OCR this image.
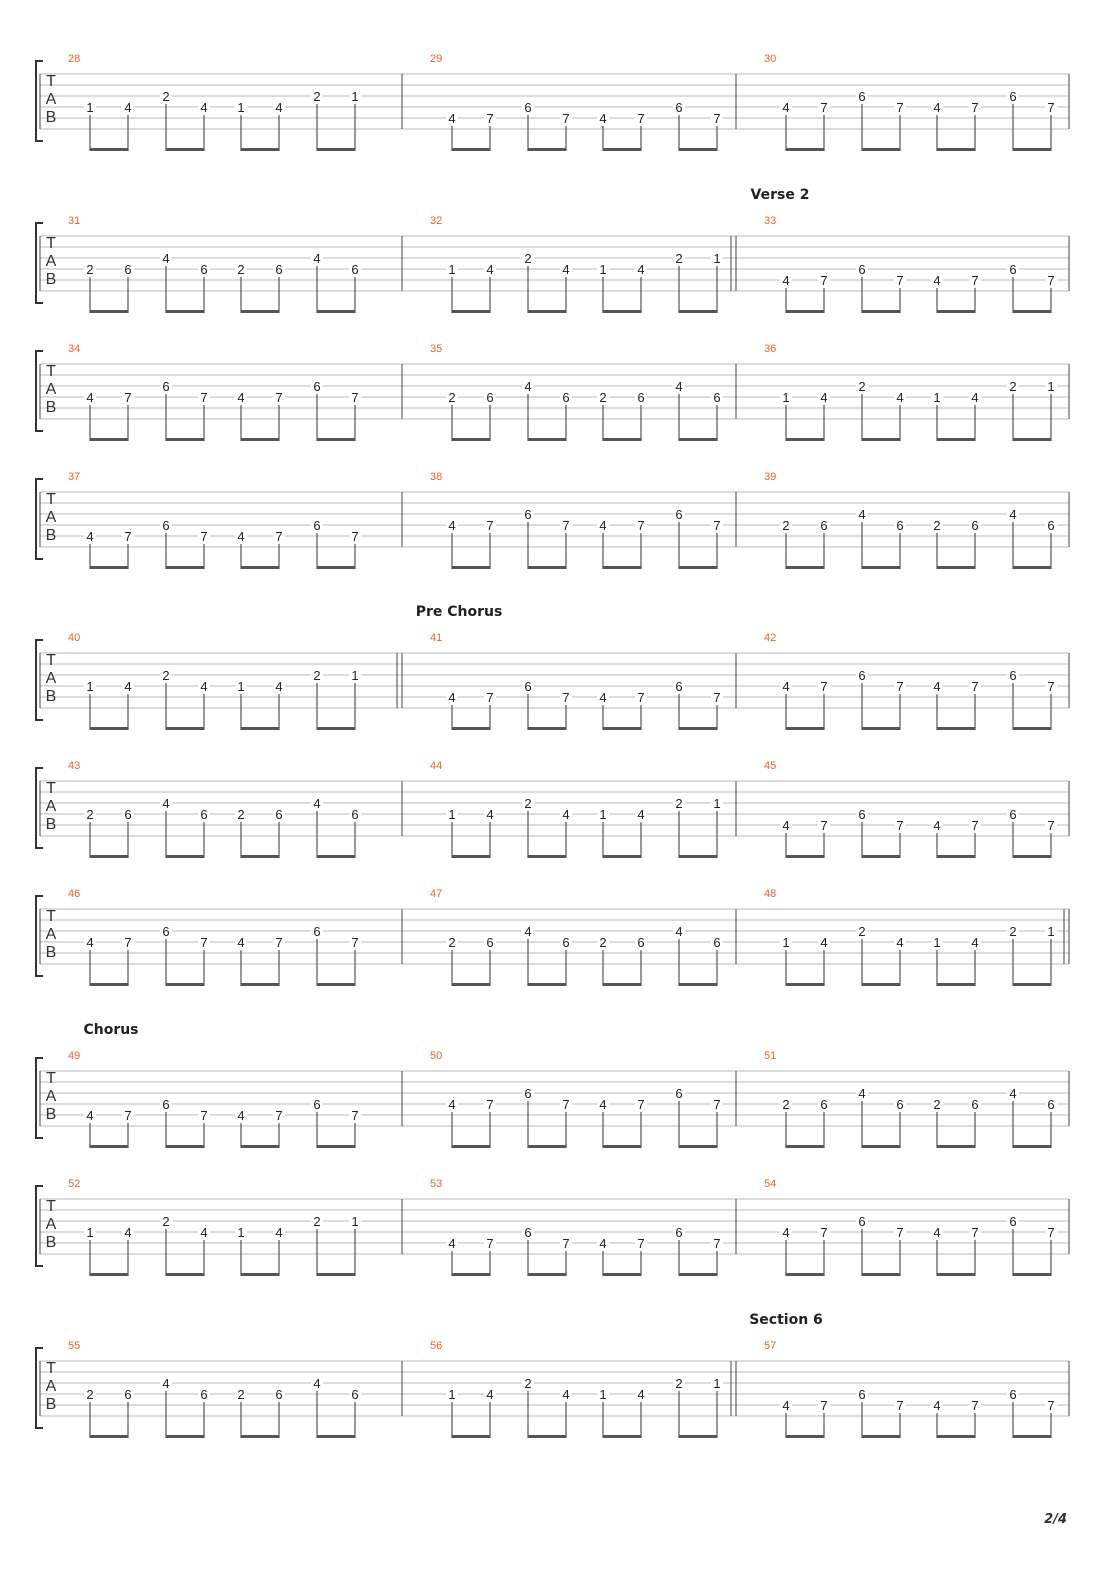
T
A
B
28
1 4
2
4 1 4
2 1
29
4 7
6
7 4 7
6
7
30
4 7
6
7 4 7
6
7
Verse 2
T
A
B
31
2 6
4
6 2 6
4
6
32
1 4
2
4 1 4
2 1
33
4 7
6
7 4 7
6
7
T
A
B
34
4 7
6
7 4 7
6
7
35
2 6
4
6 2 6
4
6
36
1 4
2
4 1 4
2 1
T
A
B
37
4 7
6
7 4 7
6
7
38
4 7
6
7 4 7
6
7
39
2 6
4
6 2 6
4
6
Pre Chorus
T
A
B
40
1 4
2
4 1 4
2 1
41
4 7
6
7 4 7
6
7
42
4 7
6
7 4 7
6
7
T
A
B
43
2 6
4
6 2 6
4
6
44
1 4
2
4 1 4
2 1
45
4 7
6
7 4 7
6
7
T
A
B
46
4 7
6
7 4 7
6
7
47
2 6
4
6 2 6
4
6
48
1 4
2
4 1 4
2 1
Chorus
T
A
B
49
4 7
6
7 4 7
6
7
50
4 7
6
7 4 7
6
7
51
2 6
4
6 2 6
4
6
T
A
B
52
1 4
2
4 1 4
2 1
53
4 7
6
7 4 7
6
7
54
4 7
6
7 4 7
6
7
Section 6
T
A
B
55
2 6
4
6 2 6
4
6
56
1 4
2
4 1 4
2 1
57
4 7
6
7 4 7
6
7
2/4
